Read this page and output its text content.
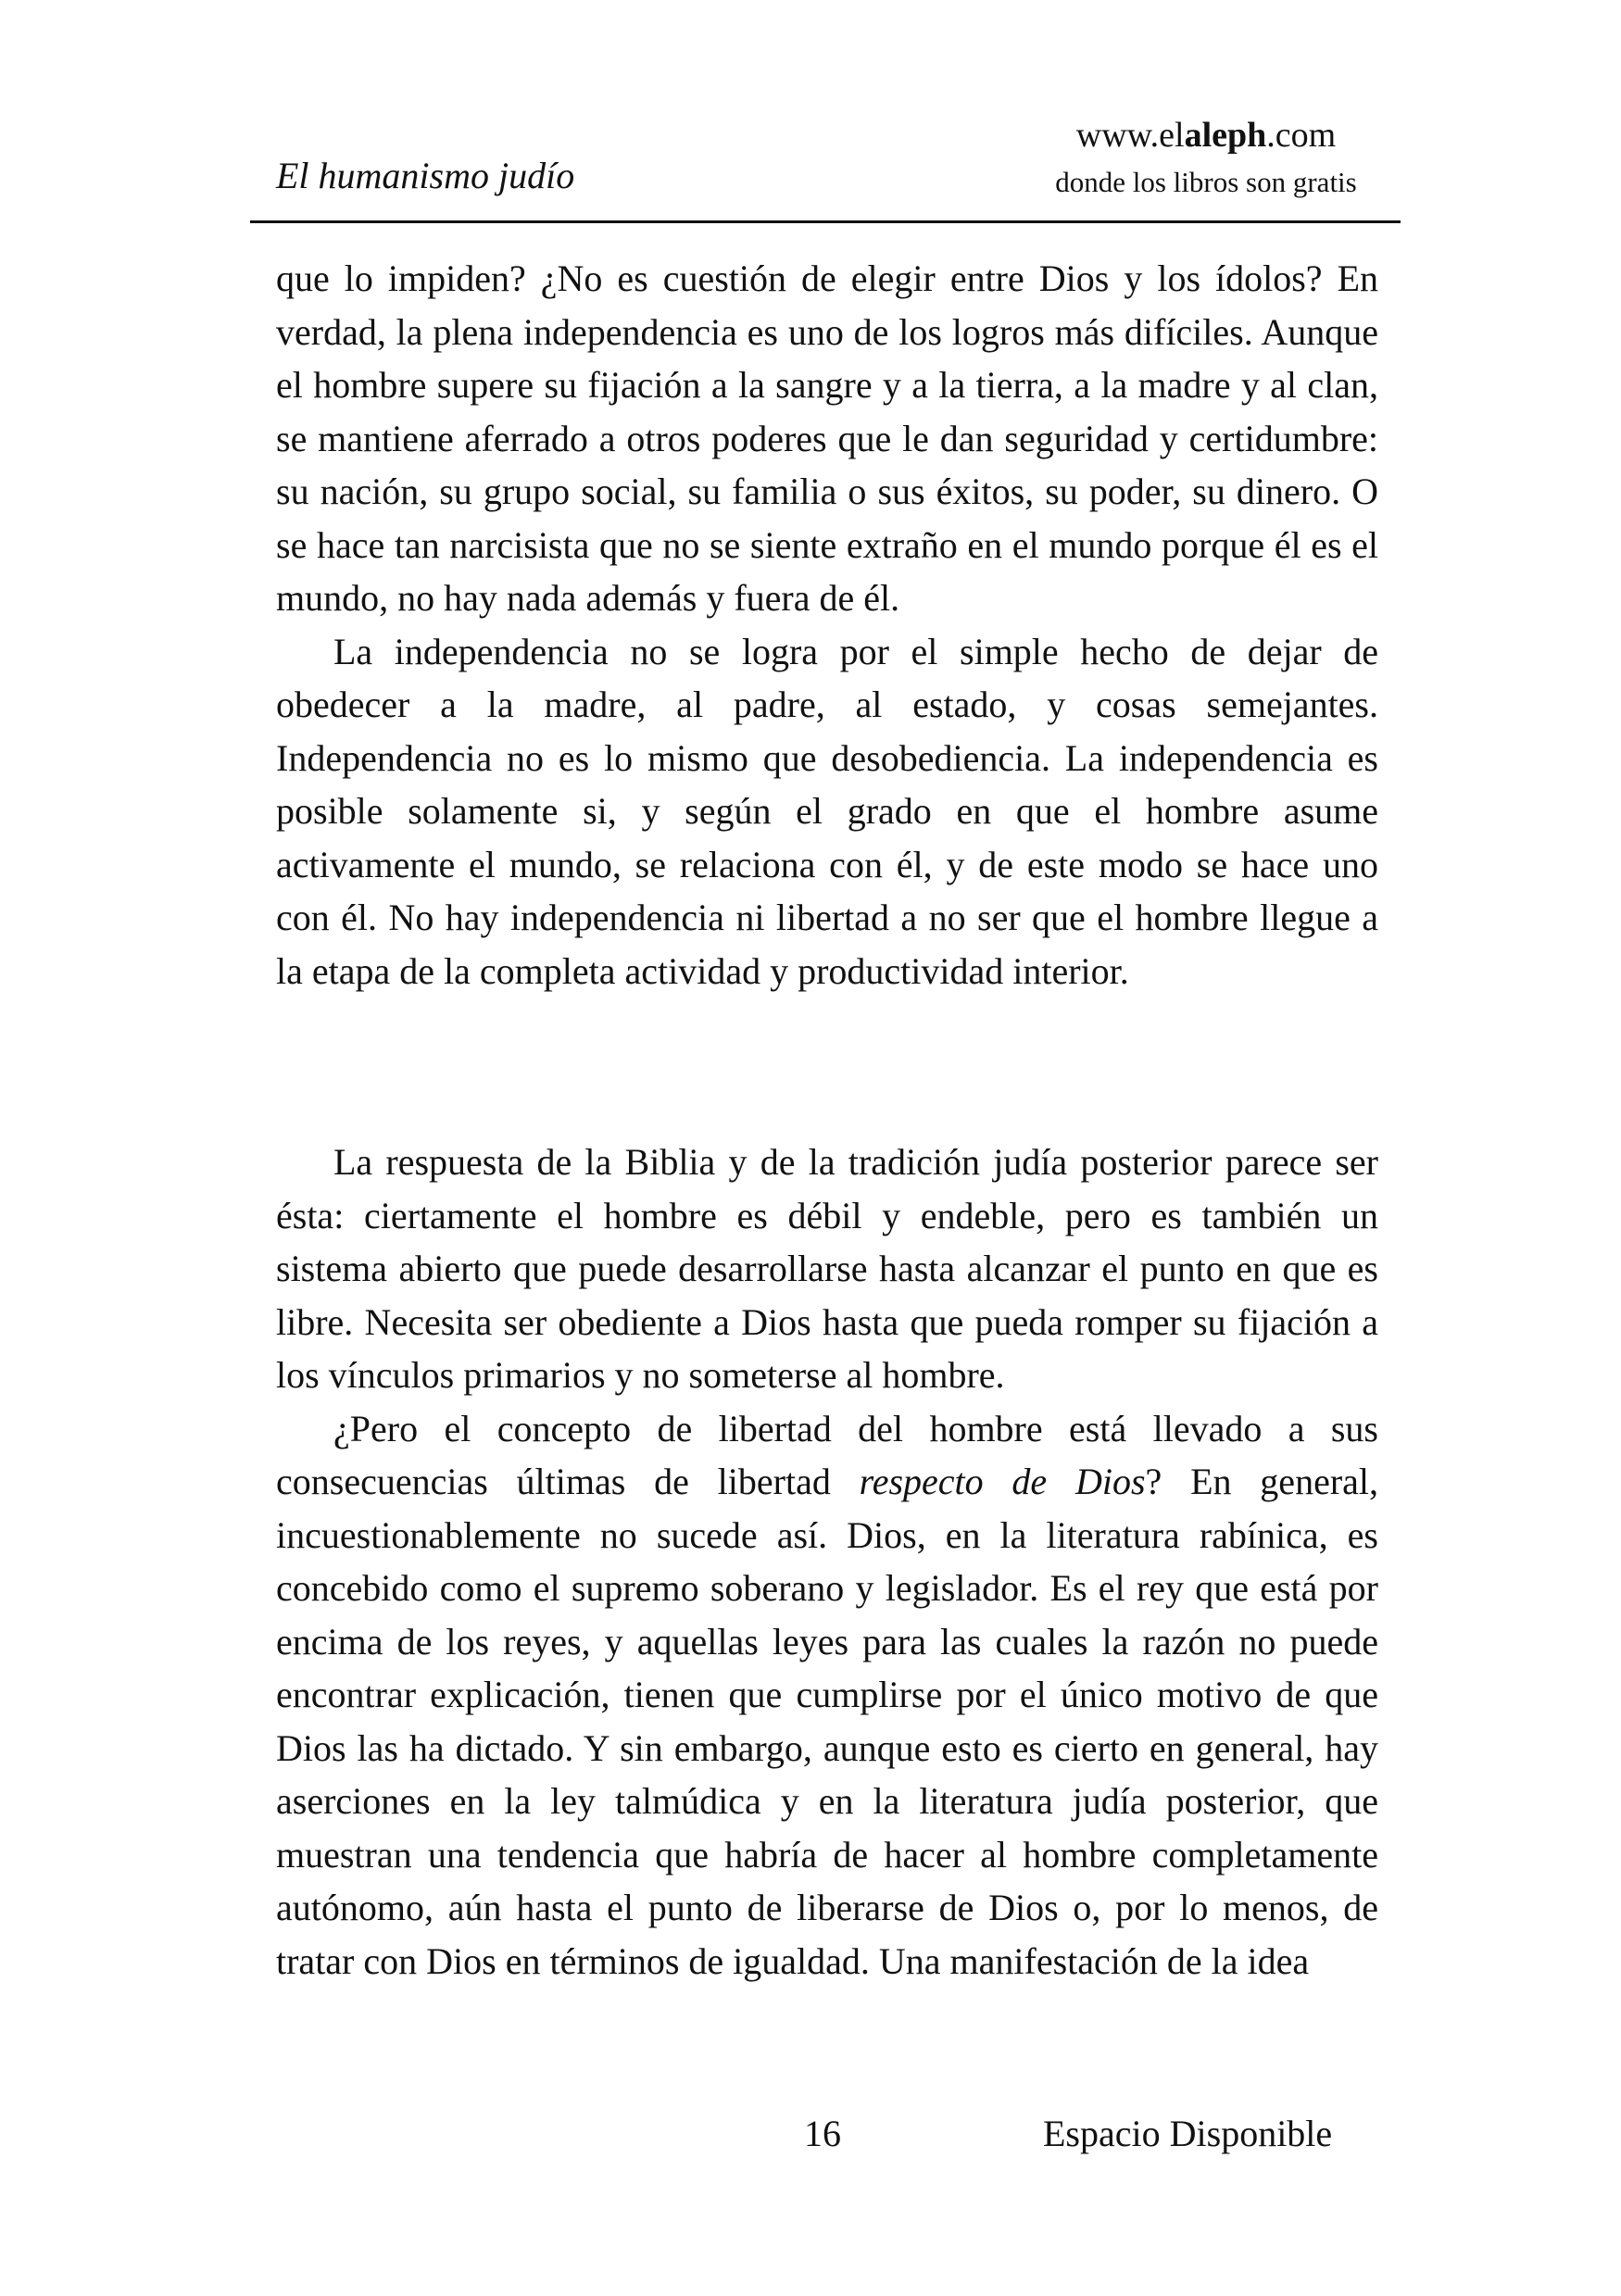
El humanismo judío
www.elaleph.com
donde los libros son gratis

que lo impiden? ¿No es cuestión de elegir entre Dios y los ídolos? En verdad, la plena independencia es uno de los logros más difíciles. Aunque el hombre supere su fijación a la sangre y a la tierra, a la madre y al clan, se mantiene aferrado a otros poderes que le dan seguridad y certidumbre: su nación, su grupo social, su familia o sus éxitos, su poder, su dinero. O se hace tan narcisista que no se siente extraño en el mundo porque él es el mundo, no hay nada además y fuera de él.

La independencia no se logra por el simple hecho de dejar de obedecer a la madre, al padre, al estado, y cosas semejantes. Independencia no es lo mismo que desobediencia. La independencia es posible solamente si, y según el grado en que el hombre asume activamente el mundo, se relaciona con él, y de este modo se hace uno con él. No hay independencia ni libertad a no ser que el hombre llegue a la etapa de la completa actividad y productividad interior.

La respuesta de la Biblia y de la tradición judía posterior parece ser ésta: ciertamente el hombre es débil y endeble, pero es también un sistema abierto que puede desarrollarse hasta alcanzar el punto en que es libre. Necesita ser obediente a Dios hasta que pueda romper su fijación a los vínculos primarios y no someterse al hombre.

¿Pero el concepto de libertad del hombre está llevado a sus consecuencias últimas de libertad respecto de Dios? En general, incuestionablemente no sucede así. Dios, en la literatura rabínica, es concebido como el supremo soberano y legislador. Es el rey que está por encima de los reyes, y aquellas leyes para las cuales la razón no puede encontrar explicación, tienen que cumplirse por el único motivo de que Dios las ha dictado. Y sin embargo, aunque esto es cierto en general, hay aserciones en la ley talmúdica y en la literatura judía posterior, que muestran una tendencia que habría de hacer al hombre completamente autónomo, aún hasta el punto de liberarse de Dios o, por lo menos, de tratar con Dios en términos de igualdad. Una manifestación de la idea

16	Espacio Disponible
